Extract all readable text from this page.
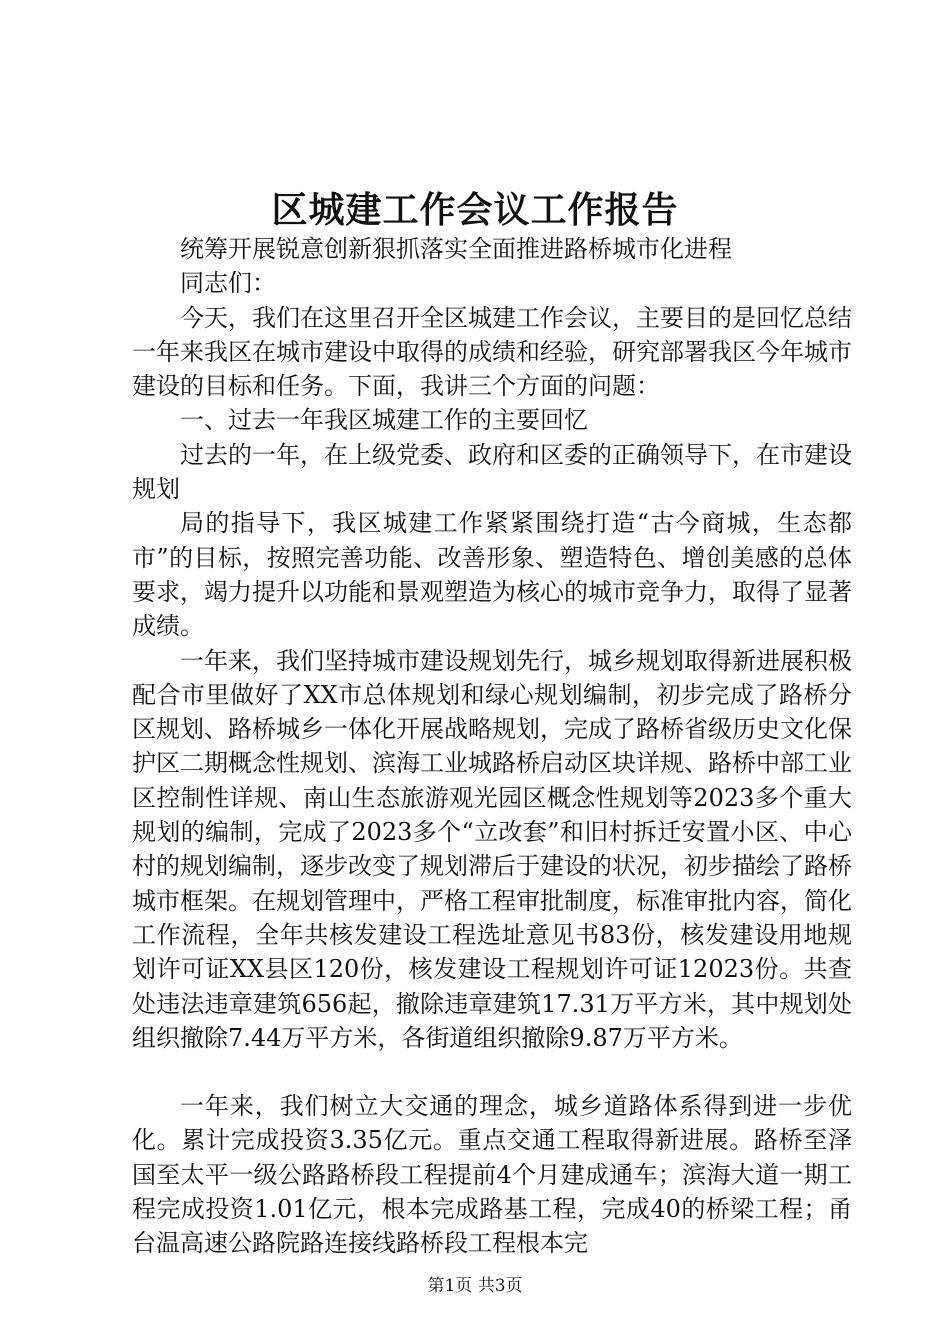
区城建工作会议工作报告

统筹开展锐意创新狠抓落实全面推进路桥城市化进程

同志们：

今天，我们在这里召开全区城建工作会议，主要目的是回忆总结一年来我区在城市建设中取得的成绩和经验，研究部署我区今年城市建设的目标和任务。下面，我讲三个方面的问题：

一、过去一年我区城建工作的主要回忆

过去的一年，在上级党委、政府和区委的正确领导下，在市建设规划

局的指导下，我区城建工作紧紧围绕打造“古今商城，生态都市”的目标，按照完善功能、改善形象、塑造特色、增创美感的总体要求，竭力提升以功能和景观塑造为核心的城市竞争力，取得了显著成绩。

一年来，我们坚持城市建设规划先行，城乡规划取得新进展积极配合市里做好了XX市总体规划和绿心规划编制，初步完成了路桥分区规划、路桥城乡一体化开展战略规划，完成了路桥省级历史文化保护区二期概念性规划、滨海工业城路桥启动区块详规、路桥中部工业区控制性详规、南山生态旅游观光园区概念性规划等2023多个重大规划的编制，完成了2023多个“立改套”和旧村拆迁安置小区、中心村的规划编制，逐步改变了规划滞后于建设的状况，初步描绘了路桥城市框架。在规划管理中，严格工程审批制度，标准审批内容，简化工作流程，全年共核发建设工程选址意见书83份，核发建设用地规划许可证XX县区120份，核发建设工程规划许可证12023份。共查处违法违章建筑656起，撤除违章建筑17.31万平方米，其中规划处组织撤除7.44万平方米，各街道组织撤除9.87万平方米。

一年来，我们树立大交通的理念，城乡道路体系得到进一步优化。累计完成投资3.35亿元。重点交通工程取得新进展。路桥至泽国至太平一级公路路桥段工程提前4个月建成通车；滨海大道一期工程完成投资1.01亿元，根本完成路基工程，完成40的桥梁工程；甬台温高速公路院路连接线路桥段工程根本完

第1页 共3页
